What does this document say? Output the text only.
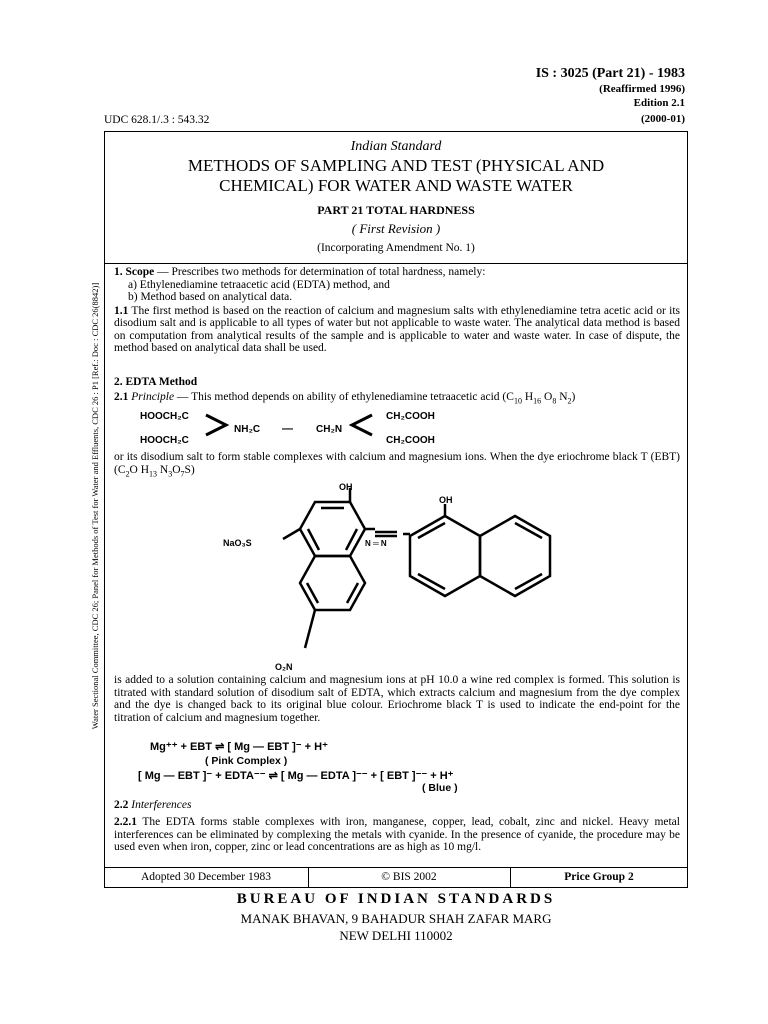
Water Sectional Committee, CDC 26; Panel for Methods of Test for Water and Effluents, CDC 26 : P1 [Ref.: Doc : CDC 26(8842)]
IS : 3025 (Part 21) - 1983
(Reaffirmed 1996)
Edition 2.1
(2000-01)
UDC 628.1/.3 : 543.32
Indian Standard
METHODS OF SAMPLING AND TEST (PHYSICAL AND
CHEMICAL) FOR WATER AND WASTE WATER
PART 21 TOTAL HARDNESS
( First Revision )
(Incorporating Amendment No. 1)
1. Scope — Prescribes two methods for determination of total hardness, namely:
a) Ethylenediamine tetraacetic acid (EDTA) method, and
b) Method based on analytical data.
1.1 The first method is based on the reaction of calcium and magnesium salts with ethylenediamine tetra acetic acid or its disodium salt and is applicable to all types of water but not applicable to waste water. The analytical data method is based on computation from analytical results of the sample and is applicable to water and waste water. In case of dispute, the method based on analytical data shall be used.
2. EDTA Method
2.1 Principle — This method depends on ability of ethylenediamine tetraacetic acid ($C_{10}$ $H_{16}$ $O_8$ $N_2$)
HOOCH₂C
HOOCH₂C
NH₂C — CH₂N
CH₂COOH
CH₂COOH
or its disodium salt to form stable complexes with calcium and magnesium ions. When the dye eriochrome black T (EBT) ($C_2O$ $H_{13}$ $N_3O_7S$)
OH
OH
NaO₃S	N ═ N
O₂N
is added to a solution containing calcium and magnesium ions at pH 10.0 a wine red complex is formed. This solution is titrated with standard solution of disodium salt of EDTA, which extracts calcium and magnesium from the dye complex and the dye is changed back to its original blue colour. Eriochrome black T is used to indicate the end-point for the titration of calcium and magnesium together.
Mg⁺⁺ + EBT ⇌ [ Mg — EBT ]⁻ + H⁺
( Pink Complex )
[ Mg — EBT ]⁻ + EDTA⁻⁻ ⇌ [ Mg — EDTA ]⁻⁻ + [ EBT ]⁻⁻ + H⁺
( Blue )
2.2 Interferences
2.2.1 The EDTA forms stable complexes with iron, manganese, copper, lead, cobalt, zinc and nickel. Heavy metal interferences can be eliminated by complexing the metals with cyanide. In the presence of cyanide, the procedure may be used even when iron, copper, zinc or lead concentrations are as high as 10 mg/l.
Adopted 30 December 1983	© BIS 2002	Price Group 2
BUREAU OF INDIAN STANDARDS
MANAK BHAVAN, 9 BAHADUR SHAH ZAFAR MARG
NEW DELHI 110002
